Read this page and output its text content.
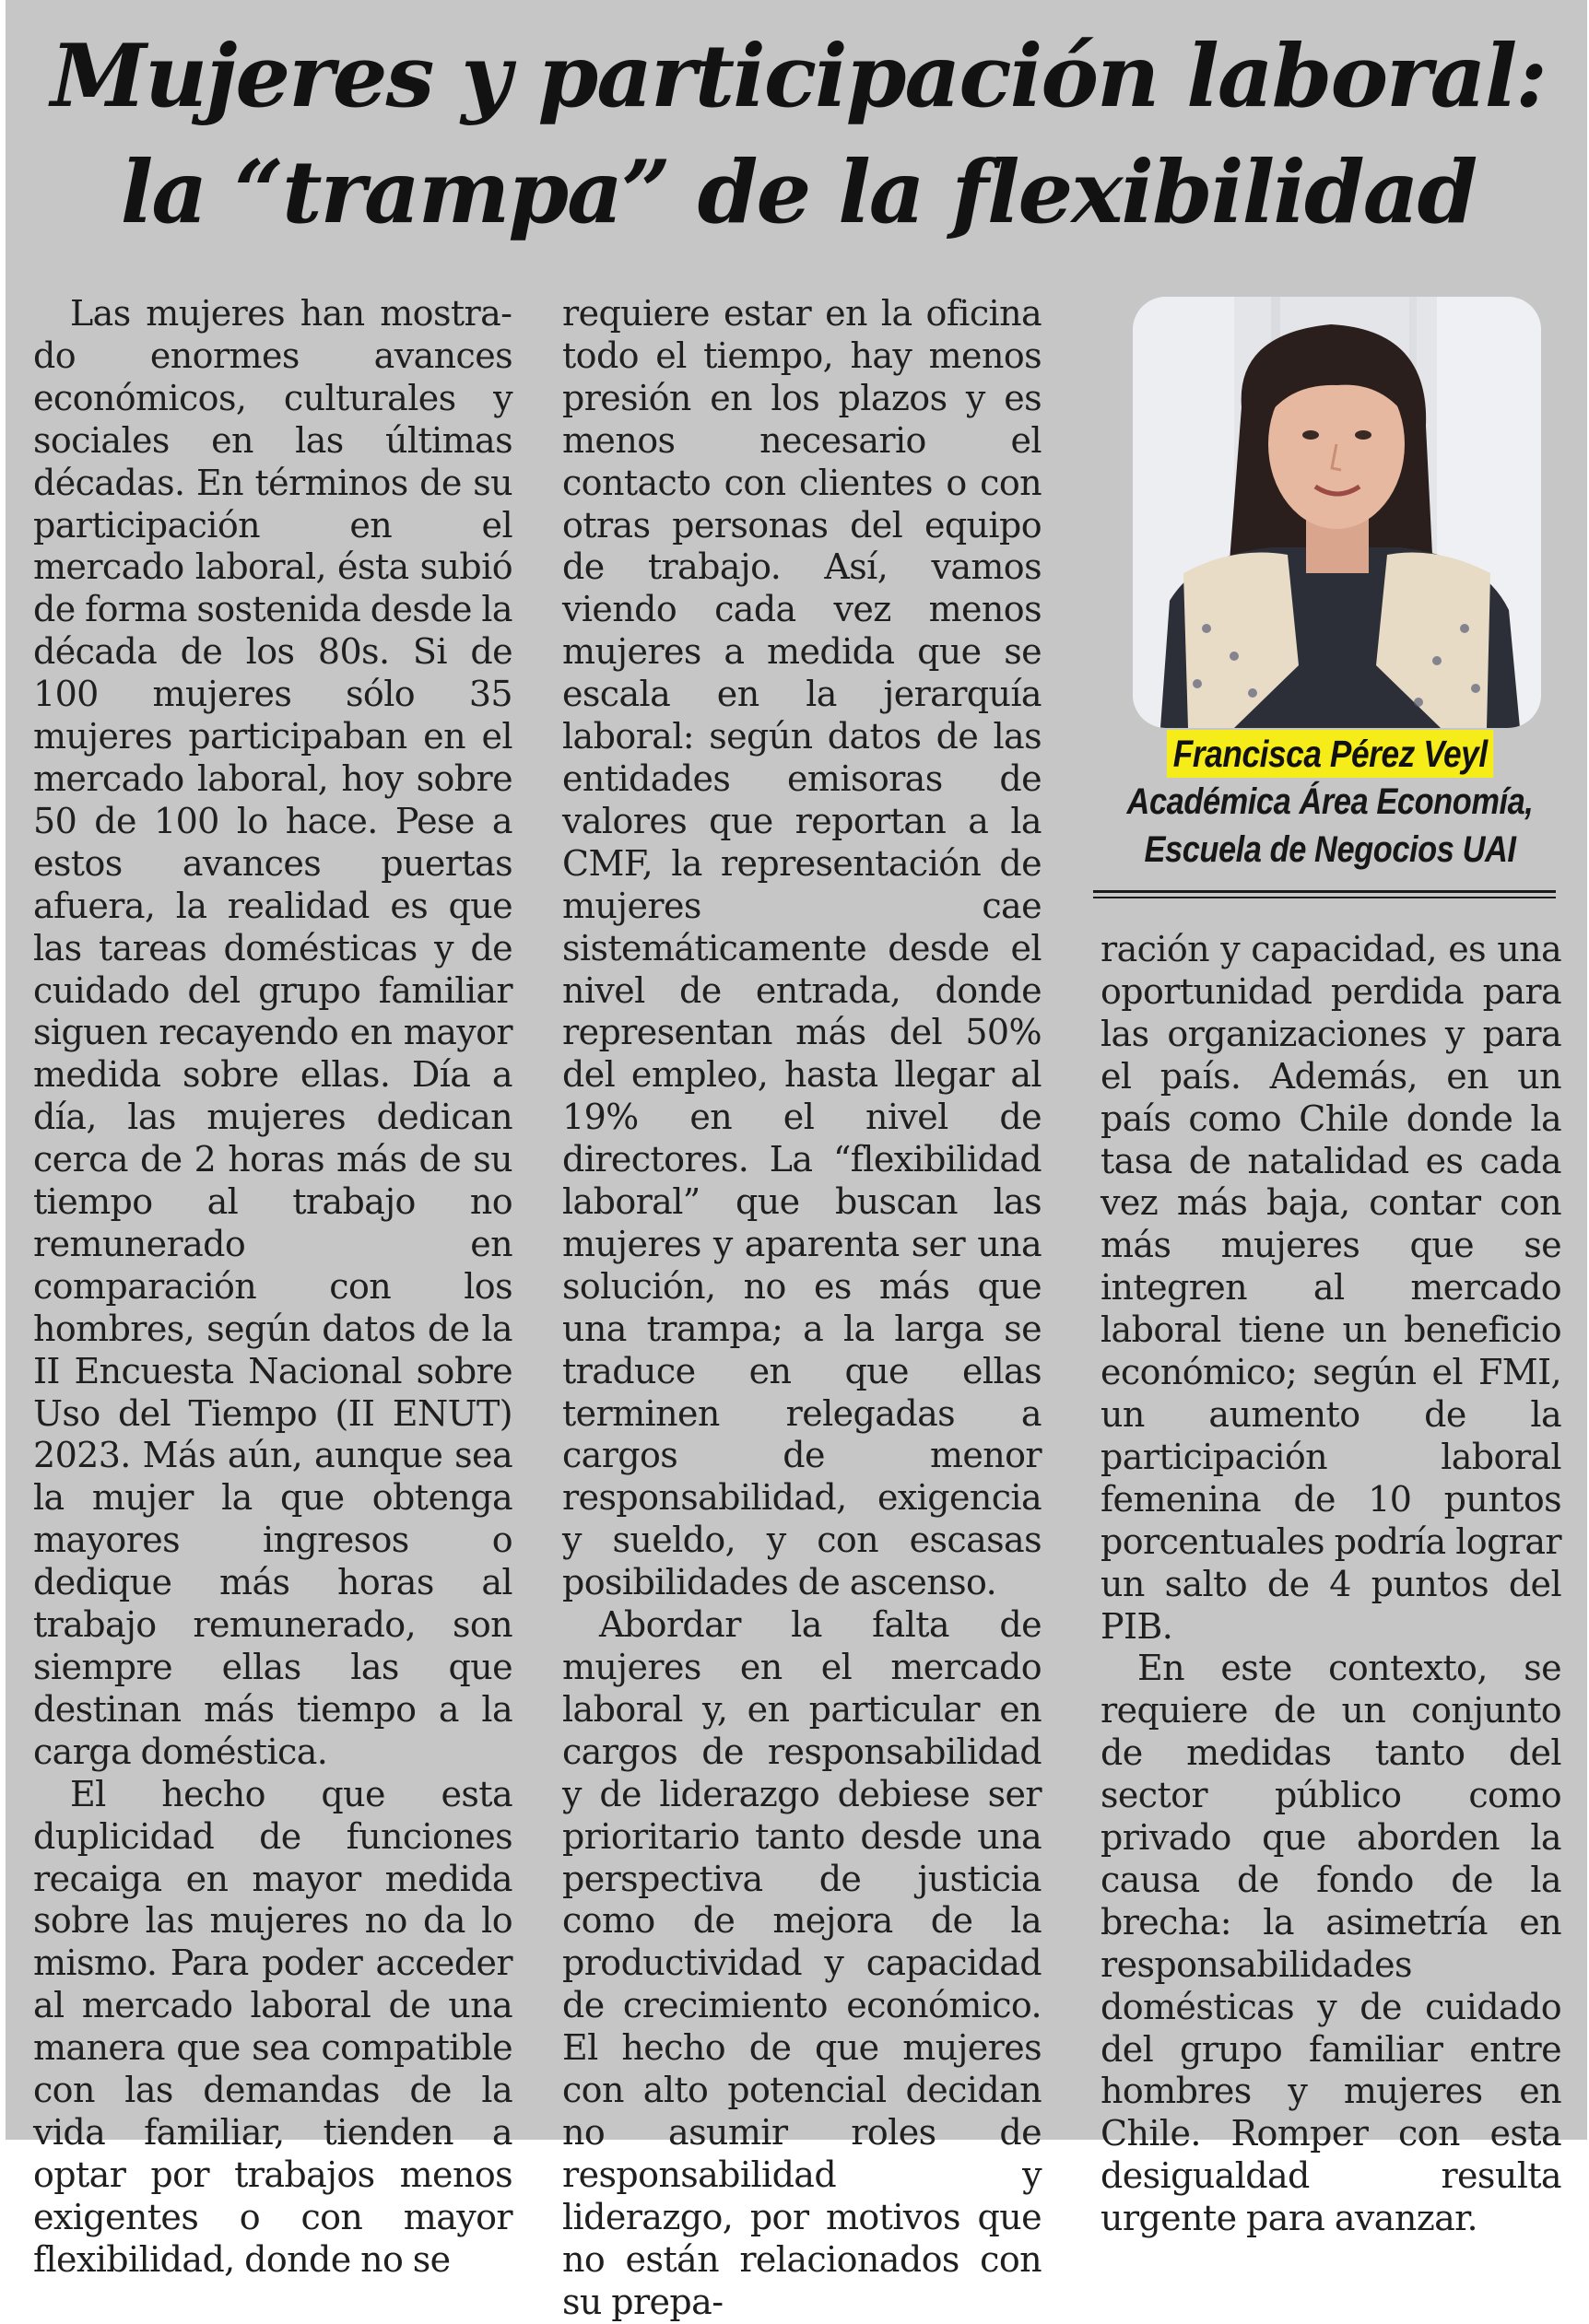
Mujeres y participación laboral: la “trampa” de la flexibilidad

Las mujeres han mostrado enormes avances económicos, culturales y sociales en las últimas décadas. En términos de su participación en el mercado laboral, ésta subió de forma sostenida desde la década de los 80s. Si de 100 mujeres sólo 35 mujeres participaban en el mercado laboral, hoy sobre 50 de 100 lo hace. Pese a estos avances puertas afuera, la realidad es que las tareas domésticas y de cuidado del grupo familiar siguen recayendo en mayor medida sobre ellas. Día a día, las mujeres dedican cerca de 2 horas más de su tiempo al trabajo no remunerado en comparación con los hombres, según datos de la II Encuesta Nacional sobre Uso del Tiempo (II ENUT) 2023. Más aún, aunque sea la mujer la que obtenga mayores ingresos o dedique más horas al trabajo remunerado, son siempre ellas las que destinan más tiempo a la carga doméstica.

El hecho que esta duplicidad de funciones recaiga en mayor medida sobre las mujeres no da lo mismo. Para poder acceder al mercado laboral de una manera que sea compatible con las demandas de la vida familiar, tienden a optar por trabajos menos exigentes o con mayor flexibilidad, donde no se

requiere estar en la oficina todo el tiempo, hay menos presión en los plazos y es menos necesario el contacto con clientes o con otras personas del equipo de trabajo. Así, vamos viendo cada vez menos mujeres a medida que se escala en la jerarquía laboral: según datos de las entidades emisoras de valores que reportan a la CMF, la representación de mujeres cae sistemáticamente desde el nivel de entrada, donde representan más del 50% del empleo, hasta llegar al 19% en el nivel de directores. La “flexibilidad laboral” que buscan las mujeres y aparenta ser una solución, no es más que una trampa; a la larga se traduce en que ellas terminen relegadas a cargos de menor responsabilidad, exigencia y sueldo, y con escasas posibilidades de ascenso.

Abordar la falta de mujeres en el mercado laboral y, en particular en cargos de responsabilidad y de liderazgo debiese ser prioritario tanto desde una perspectiva de justicia como de mejora de la productividad y capacidad de crecimiento económico. El hecho de que mujeres con alto potencial decidan no asumir roles de responsabilidad y liderazgo, por motivos que no están relacionados con su prepa-

Francisca Pérez Veyl
Académica Área Economía,
Escuela de Negocios UAI

ración y capacidad, es una oportunidad perdida para las organizaciones y para el país. Además, en un país como Chile donde la tasa de natalidad es cada vez más baja, contar con más mujeres que se integren al mercado laboral tiene un beneficio económico; según el FMI, un aumento de la participación laboral femenina de 10 puntos porcentuales podría lograr un salto de 4 puntos del PIB.

En este contexto, se requiere de un conjunto de medidas tanto del sector público como privado que aborden la causa de fondo de la brecha: la asimetría en responsabilidades domésticas y de cuidado del grupo familiar entre hombres y mujeres en Chile. Romper con esta desigualdad resulta urgente para avanzar.
